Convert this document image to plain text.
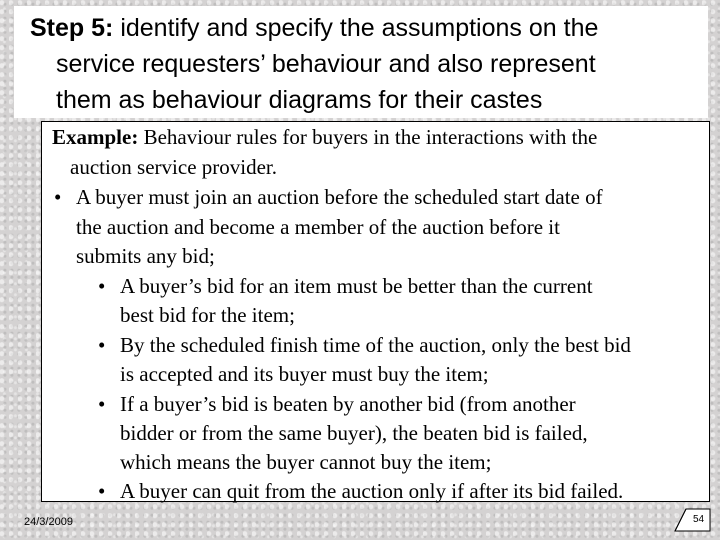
Step 5: identify and specify the assumptions on the
service requesters’ behaviour and also represent
them as behaviour diagrams for their castes
Example: Behaviour rules for buyers in the interactions with the
auction service provider.
• A buyer must join an auction before the scheduled start date of
the auction and become a member of the auction before it
submits any bid;
• A buyer’s bid for an item must be better than the current
best bid for the item;
• By the scheduled finish time of the auction, only the best bid
is accepted and its buyer must buy the item;
• If a buyer’s bid is beaten by another bid (from another
bidder or from the same buyer), the beaten bid is failed,
which means the buyer cannot buy the item;
• A buyer can quit from the auction only if after its bid failed.
24/3/2009	54
